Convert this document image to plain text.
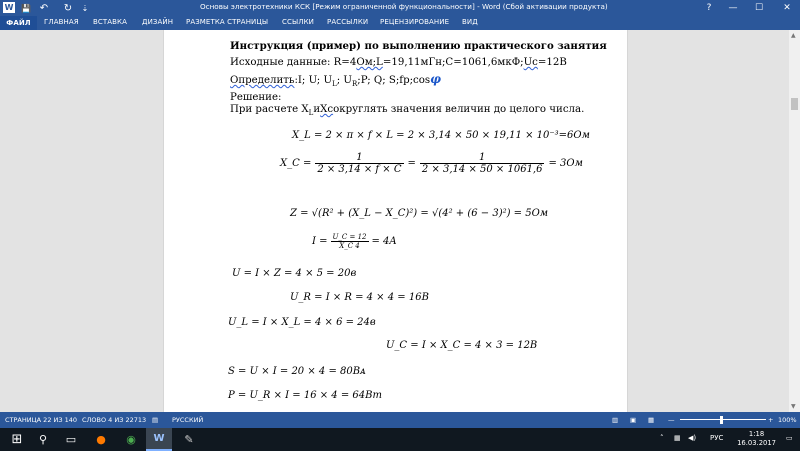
W 💾 ↶ ↻ ⇣	Основы электротехники КСК [Режим ограниченной функциональности] - Word (Сбой активации продукта)	?	—	☐	✕
ФАЙЛ	ГЛАВНАЯ ВСТАВКА ДИЗАЙН РАЗМЕТКА СТРАНИЦЫ ССЫЛКИ РАССЫЛКИ РЕЦЕНЗИРОВАНИЕ ВИД
Инструкция (пример) по выполнению практического занятия
Исходные данные: R=4Ом;L=19,11мГн;С=1061,6мкФ;Uc=12В
Определить:I; U; $U_L$; $U_R;P$; Q; S;fp;cosφ
Решение:
При расчете $X_LиXсокруглять$ значения величин до целого числа.
X_L = 2 × π × f × L = 2 × 3,14 × 50 × 19,11 × 10⁻³=6Ом
X_C = $\frac{1}{2 \times 3,14 \times f \times C} = \frac{1}{2 \times 3,14 \times 50 \times 1061,6} = 3Ом$
Z = √(R² + (X_L − X_C)²) = √(4² + (6 − 3)²) = 5Ом
$I = \frac{U\_C = 12}{X\_C 4} = 4A$
U = I × Z = 4 × 5 = 20в
U_R = I × R = 4 × 4 = 16B
U_L = I × X_L = 4 × 6 = 24в
U_C = I × X_C = 4 × 3 = 12B
S = U × I = 20 × 4 = 80Вᴀ
P = U_R × I = 16 × 4 = 64Вт
▲
▼
СТРАНИЦА 22 ИЗ 140 СЛОВО 4 ИЗ 22713 ▤ РУССКИЙ	▥ ▣ ▦ —	+ 100%
⊞	⚲	▭	●	◉	W	✎	˄ ▦ ◀) РУС	1:18
16.03.2017
▭
